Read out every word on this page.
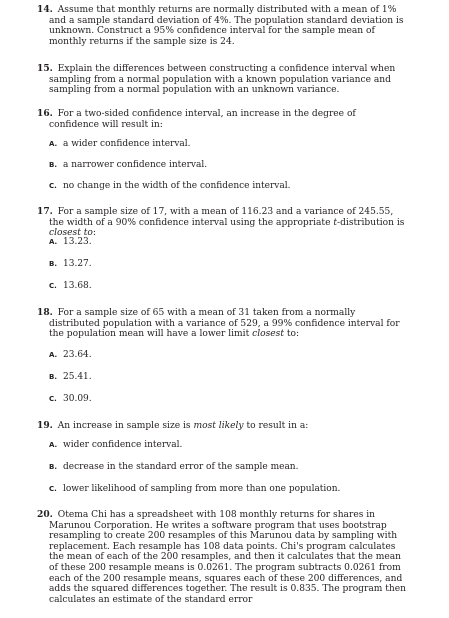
14. Assume that monthly returns are normally distributed with a mean of 1% and a sample standard deviation of 4%. The population standard deviation is unknown. Construct a 95% confidence interval for the sample mean of monthly returns if the sample size is 24.
15. Explain the differences between constructing a confidence interval when sampling from a normal population with a known population variance and sampling from a normal population with an unknown variance.
16. For a two-sided confidence interval, an increase in the degree of confidence will result in:
A. a wider confidence interval.
B. a narrower confidence interval.
C. no change in the width of the confidence interval.
17. For a sample size of 17, with a mean of 116.23 and a variance of 245.55, the width of a 90% confidence interval using the appropriate t-distribution is closest to:
A. 13.23.
B. 13.27.
C. 13.68.
18. For a sample size of 65 with a mean of 31 taken from a normally distributed population with a variance of 529, a 99% confidence interval for the population mean will have a lower limit closest to:
A. 23.64.
B. 25.41.
C. 30.09.
19. An increase in sample size is most likely to result in a:
A. wider confidence interval.
B. decrease in the standard error of the sample mean.
C. lower likelihood of sampling from more than one population.
20. Otema Chi has a spreadsheet with 108 monthly returns for shares in Marunou Corporation. He writes a software program that uses bootstrap resampling to create 200 resamples of this Marunou data by sampling with replacement. Each resample has 108 data points. Chi's program calculates the mean of each of the 200 resamples, and then it calculates that the mean of these 200 resample means is 0.0261. The program subtracts 0.0261 from each of the 200 resample means, squares each of these 200 differences, and adds the squared differences together. The result is 0.835. The program then calculates an estimate of the standard error
